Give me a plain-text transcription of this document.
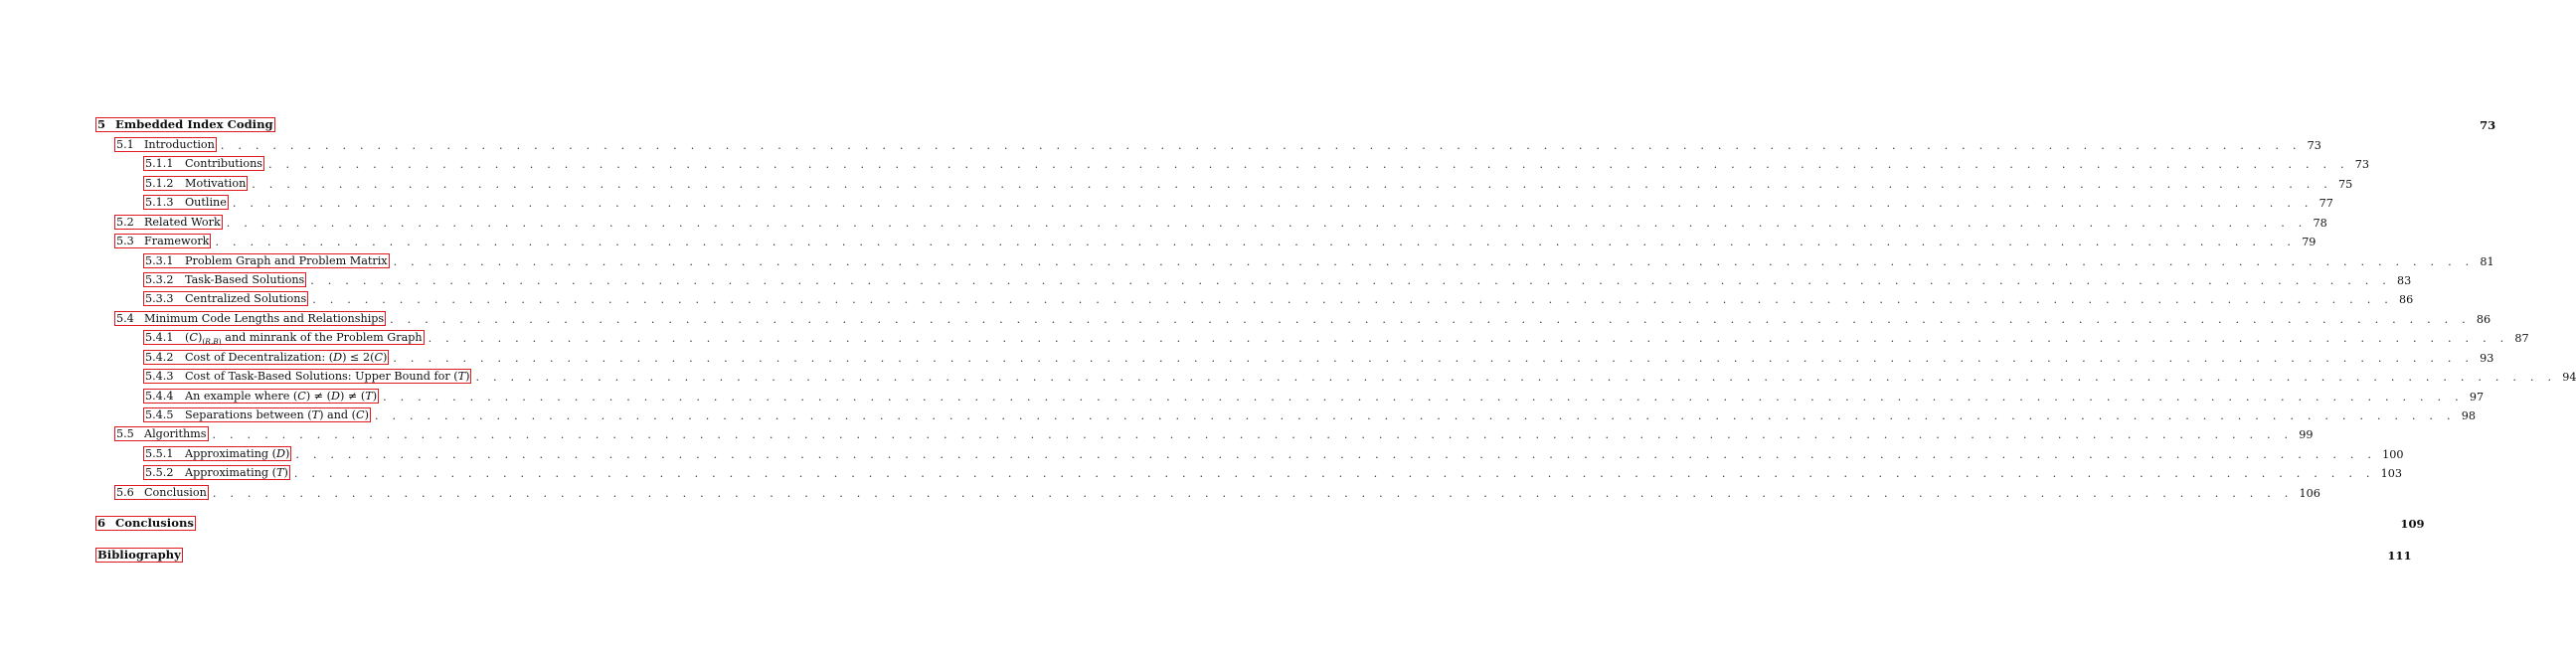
5 Embedded Index Coding	73
5.1 Introduction . . . . . . . . . . . . . . . . . . . . . . . . . . . . . . . . . . . . . . . . . . . . . . . . . . . . . . . . . . . . . . . . . . . . . . . . . . . . . . . . . . . . . . . . . . . . . . . . . . . . . . . . . . . . . . . . . . . . . . . . 73
5.1.1 Contributions . . . . . . . . . . . . . . . . . . . . . . . . . . . . . . . . . . . . . . . . . . . . . . . . . . . . . . . . . . . . . . . . . . . . . . . . . . . . . . . . . . . . . . . . . . . . . . . . . . . . . . . . . . . . . . . . . . . . . . . . 73
5.1.2 Motivation . . . . . . . . . . . . . . . . . . . . . . . . . . . . . . . . . . . . . . . . . . . . . . . . . . . . . . . . . . . . . . . . . . . . . . . . . . . . . . . . . . . . . . . . . . . . . . . . . . . . . . . . . . . . . . . . . . . . . . . . 75
5.1.3 Outline . . . . . . . . . . . . . . . . . . . . . . . . . . . . . . . . . . . . . . . . . . . . . . . . . . . . . . . . . . . . . . . . . . . . . . . . . . . . . . . . . . . . . . . . . . . . . . . . . . . . . . . . . . . . . . . . . . . . . . . . 77
5.2 Related Work . . . . . . . . . . . . . . . . . . . . . . . . . . . . . . . . . . . . . . . . . . . . . . . . . . . . . . . . . . . . . . . . . . . . . . . . . . . . . . . . . . . . . . . . . . . . . . . . . . . . . . . . . . . . . . . . . . . . . . . . 78
5.3 Framework . . . . . . . . . . . . . . . . . . . . . . . . . . . . . . . . . . . . . . . . . . . . . . . . . . . . . . . . . . . . . . . . . . . . . . . . . . . . . . . . . . . . . . . . . . . . . . . . . . . . . . . . . . . . . . . . . . . . . . . . 79
5.3.1 Problem Graph and Problem Matrix . . . . . . . . . . . . . . . . . . . . . . . . . . . . . . . . . . . . . . . . . . . . . . . . . . . . . . . . . . . . . . . . . . . . . . . . . . . . . . . . . . . . . . . . . . . . . . . . . . . . . . . . . . . . . . . . . . . . . . . . 81
5.3.2 Task-Based Solutions . . . . . . . . . . . . . . . . . . . . . . . . . . . . . . . . . . . . . . . . . . . . . . . . . . . . . . . . . . . . . . . . . . . . . . . . . . . . . . . . . . . . . . . . . . . . . . . . . . . . . . . . . . . . . . . . . . . . . . . . 83
5.3.3 Centralized Solutions . . . . . . . . . . . . . . . . . . . . . . . . . . . . . . . . . . . . . . . . . . . . . . . . . . . . . . . . . . . . . . . . . . . . . . . . . . . . . . . . . . . . . . . . . . . . . . . . . . . . . . . . . . . . . . . . . . . . . . . . 86
5.4 Minimum Code Lengths and Relationships . . . . . . . . . . . . . . . . . . . . . . . . . . . . . . . . . . . . . . . . . . . . . . . . . . . . . . . . . . . . . . . . . . . . . . . . . . . . . . . . . . . . . . . . . . . . . . . . . . . . . . . . . . . . . . . . . . . . . . . . 86
5.4.1 $(C)_{(R,B)}$ and minrank of the Problem Graph . . . . . . . . . . . . . . . . . . . . . . . . . . . . . . . . . . . . . . . . . . . . . . . . . . . . . . . . . . . . . . . . . . . . . . . . . . . . . . . . . . . . . . . . . . . . . . . . . . . . . . . . . . . . . . . . . . . . . . . . 87
5.4.2 Cost of Decentralization: (D) ≤ 2(C) . . . . . . . . . . . . . . . . . . . . . . . . . . . . . . . . . . . . . . . . . . . . . . . . . . . . . . . . . . . . . . . . . . . . . . . . . . . . . . . . . . . . . . . . . . . . . . . . . . . . . . . . . . . . . . . . . . . . . . . . 93
5.4.3 Cost of Task-Based Solutions: Upper Bound for (T) . . . . . . . . . . . . . . . . . . . . . . . . . . . . . . . . . . . . . . . . . . . . . . . . . . . . . . . . . . . . . . . . . . . . . . . . . . . . . . . . . . . . . . . . . . . . . . . . . . . . . . . . . . . . . . . . . . . . . . . . 94
5.4.4 An example where (C) ≠ (D) ≠ (T) . . . . . . . . . . . . . . . . . . . . . . . . . . . . . . . . . . . . . . . . . . . . . . . . . . . . . . . . . . . . . . . . . . . . . . . . . . . . . . . . . . . . . . . . . . . . . . . . . . . . . . . . . . . . . . . . . . . . . . . . 97
5.4.5 Separations between (T) and (C) . . . . . . . . . . . . . . . . . . . . . . . . . . . . . . . . . . . . . . . . . . . . . . . . . . . . . . . . . . . . . . . . . . . . . . . . . . . . . . . . . . . . . . . . . . . . . . . . . . . . . . . . . . . . . . . . . . . . . . . . 98
5.5 Algorithms . . . . . . . . . . . . . . . . . . . . . . . . . . . . . . . . . . . . . . . . . . . . . . . . . . . . . . . . . . . . . . . . . . . . . . . . . . . . . . . . . . . . . . . . . . . . . . . . . . . . . . . . . . . . . . . . . . . . . . . . 99
5.5.1 Approximating (D) . . . . . . . . . . . . . . . . . . . . . . . . . . . . . . . . . . . . . . . . . . . . . . . . . . . . . . . . . . . . . . . . . . . . . . . . . . . . . . . . . . . . . . . . . . . . . . . . . . . . . . . . . . . . . . . . . . . . . . . . 100
5.5.2 Approximating (T) . . . . . . . . . . . . . . . . . . . . . . . . . . . . . . . . . . . . . . . . . . . . . . . . . . . . . . . . . . . . . . . . . . . . . . . . . . . . . . . . . . . . . . . . . . . . . . . . . . . . . . . . . . . . . . . . . . . . . . . . 103
5.6 Conclusion . . . . . . . . . . . . . . . . . . . . . . . . . . . . . . . . . . . . . . . . . . . . . . . . . . . . . . . . . . . . . . . . . . . . . . . . . . . . . . . . . . . . . . . . . . . . . . . . . . . . . . . . . . . . . . . . . . . . . . . . 106
6 Conclusions	109
Bibliography	111
